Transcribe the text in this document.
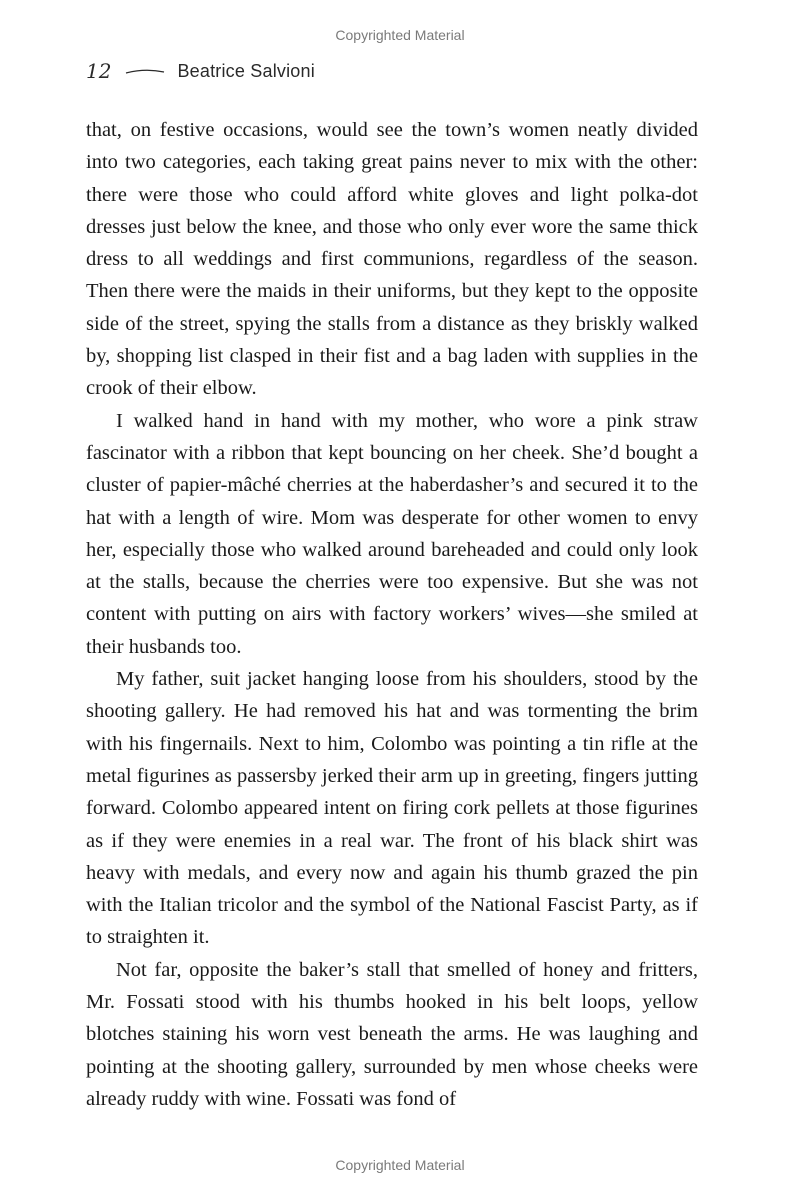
Copyrighted Material
12	Beatrice Salvioni

that, on festive occasions, would see the town’s women neatly divided into two categories, each taking great pains never to mix with the other: there were those who could afford white gloves and light polka-dot dresses just below the knee, and those who only ever wore the same thick dress to all weddings and first communions, regardless of the season. Then there were the maids in their uniforms, but they kept to the opposite side of the street, spying the stalls from a distance as they briskly walked by, shopping list clasped in their fist and a bag laden with supplies in the crook of their elbow.

I walked hand in hand with my mother, who wore a pink straw fascinator with a ribbon that kept bouncing on her cheek. She’d bought a cluster of papier-mâché cherries at the haberdasher’s and secured it to the hat with a length of wire. Mom was desperate for other women to envy her, especially those who walked around bareheaded and could only look at the stalls, because the cherries were too expensive. But she was not content with putting on airs with factory workers’ wives—she smiled at their husbands too.

My father, suit jacket hanging loose from his shoulders, stood by the shooting gallery. He had removed his hat and was tormenting the brim with his fingernails. Next to him, Colombo was pointing a tin rifle at the metal figurines as passersby jerked their arm up in greeting, fingers jutting forward. Colombo appeared intent on firing cork pellets at those figurines as if they were enemies in a real war. The front of his black shirt was heavy with medals, and every now and again his thumb grazed the pin with the Italian tricolor and the symbol of the National Fascist Party, as if to straighten it.

Not far, opposite the baker’s stall that smelled of honey and fritters, Mr. Fossati stood with his thumbs hooked in his belt loops, yellow blotches staining his worn vest beneath the arms. He was laughing and pointing at the shooting gallery, surrounded by men whose cheeks were already ruddy with wine. Fossati was fond of

Copyrighted Material
